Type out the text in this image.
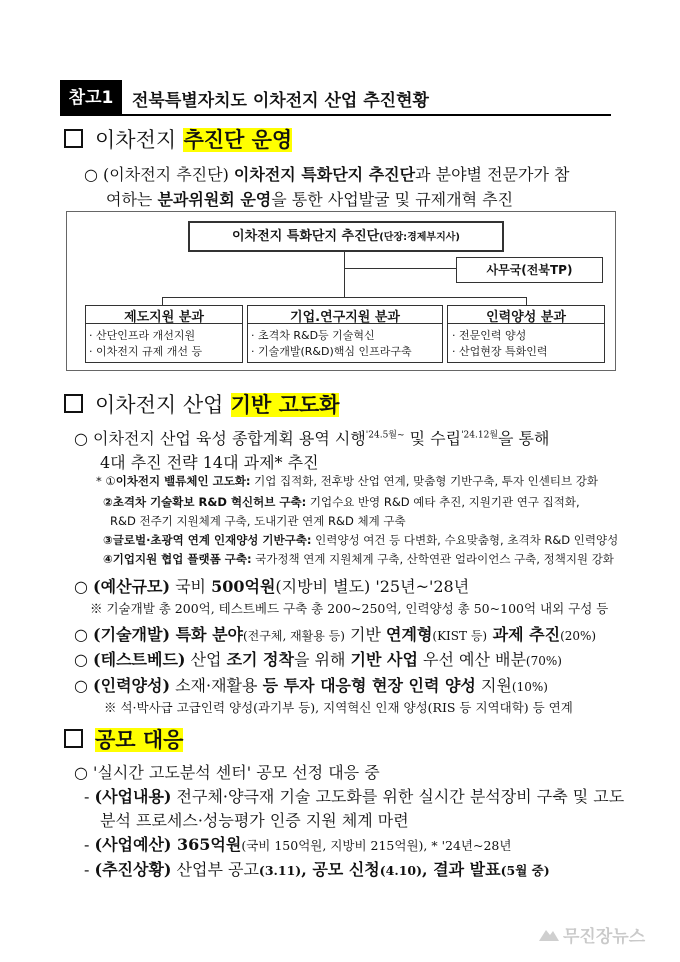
참고1	전북특별자치도 이차전지 산업 추진현황
이차전지 추진단 운영
○ (이차전지 추진단) 이차전지 특화단지 추진단과 분야별 전문가가 참
여하는 분과위원회 운영을 통한 사업발굴 및 규제개혁 추진
이차전지 특화단지 추진단(단장:경제부지사)
사무국(전북TP)
제도지원 분과
· 산단인프라 개선지원
· 이차전지 규제 개선 등
기업.연구지원 분과
· 초격차 R&D등 기술혁신
· 기술개발(R&D)핵심 인프라구축
인력양성 분과
· 전문인력 양성
· 산업현장 특화인력
이차전지 산업 기반 고도화
○ 이차전지 산업 육성 종합계획 용역 시행$^{'24.5월\sim}$ 및 수립$^{'24.12월}$을 통해
4대 추진 전략 14대 과제* 추진
* ①이차전지 밸류체인 고도화: 기업 집적화, 전후방 산업 연계, 맞춤형 기반구축, 투자 인센티브 강화
②초격차 기술확보 R&D 혁신허브 구축: 기업수요 반영 R&D 예타 추진, 지원기관 연구 집적화,
R&D 전주기 지원체계 구축, 도내기관 연계 R&D 체계 구축
③글로벌·초광역 연계 인재양성 기반구축: 인력양성 여건 등 다변화, 수요맞춤형, 초격차 R&D 인력양성
④기업지원 협업 플랫폼 구축: 국가정책 연계 지원체계 구축, 산학연관 얼라이언스 구축, 정책지원 강화
○ (예산규모) 국비 500억원(지방비 별도) '25년~'28년
※ 기술개발 총 200억, 테스트베드 구축 총 200~250억, 인력양성 총 50~100억 내외 구성 등
○ (기술개발) 특화 분야(전구체, 재활용 등) 기반 연계형(KIST 등) 과제 추진(20%)
○ (테스트베드) 산업 조기 정착을 위해 기반 사업 우선 예산 배분(70%)
○ (인력양성) 소재·재활용 등 투자 대응형 현장 인력 양성 지원(10%)
※ 석·박사급 고급인력 양성(과기부 등), 지역혁신 인재 양성(RIS 등 지역대학) 등 연계
공모 대응
○ '실시간 고도분석 센터' 공모 선정 대응 중
- (사업내용) 전구체·양극재 기술 고도화를 위한 실시간 분석장비 구축 및 고도
분석 프로세스·성능평가 인증 지원 체계 마련
- (사업예산) 365억원(국비 150억원, 지방비 215억원), * '24년~28년
- (추진상황) 산업부 공고(3.11), 공모 신청(4.10), 결과 발표(5월 중)
무진장뉴스
